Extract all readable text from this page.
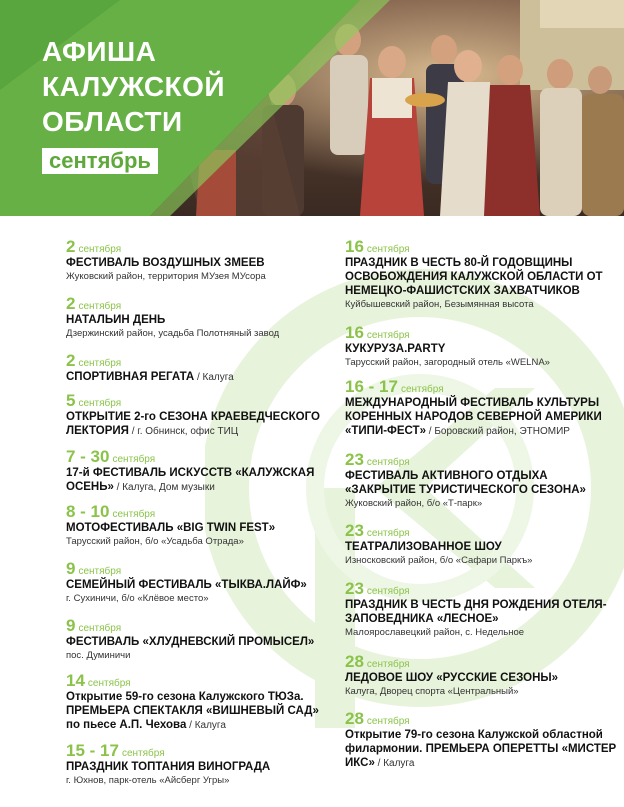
АФИША
КАЛУЖСКОЙ
ОБЛАСТИ
сентябрь
2 сентября
ФЕСТИВАЛЬ ВОЗДУШНЫХ ЗМЕЕВ
Жуковский район, территория МУзея МУсора
2 сентября
НАТАЛЬИН ДЕНЬ
Дзержинский район, усадьба Полотняный завод
2 сентября
СПОРТИВНАЯ РЕГАТА / Калуга
5 сентября
ОТКРЫТИЕ 2-го СЕЗОНА КРАЕВЕДЧЕСКОГО ЛЕКТОРИЯ / г. Обнинск, офис ТИЦ
7 - 30 сентября
17-й ФЕСТИВАЛЬ ИСКУССТВ «КАЛУЖСКАЯ ОСЕНЬ» / Калуга, Дом музыки
8 - 10 сентября
МОТОФЕСТИВАЛЬ «BIG TWIN FEST»
Тарусский район, б/о «Усадьба Отрада»
9 сентября
СЕМЕЙНЫЙ ФЕСТИВАЛЬ «ТЫКВА.ЛАЙФ»
г. Сухиничи, б/о «Клёвое место»
9 сентября
ФЕСТИВАЛЬ «ХЛУДНЕВСКИЙ ПРОМЫСЕЛ»
пос. Думиничи
14 сентября
Открытие 59-го сезона Калужского ТЮЗа. ПРЕМЬЕРА СПЕКТАКЛЯ «ВИШНЕВЫЙ САД» по пьесе А.П. Чехова / Калуга
15 - 17 сентября
ПРАЗДНИК ТОПТАНИЯ ВИНОГРАДА
г. Юхнов, парк-отель «Айсберг Угры»
16 сентября
ПРАЗДНИК В ЧЕСТЬ 80-Й ГОДОВЩИНЫ ОСВОБОЖДЕНИЯ КАЛУЖСКОЙ ОБЛАСТИ ОТ НЕМЕЦКО-ФАШИСТСКИХ ЗАХВАТЧИКОВ
Куйбышевский район, Безымянная высота
16 сентября
КУКУРУЗА.PARTY
Тарусский район, загородный отель «WELNA»
16 - 17 сентября
МЕЖДУНАРОДНЫЙ ФЕСТИВАЛЬ КУЛЬТУРЫ КОРЕННЫХ НАРОДОВ СЕВЕРНОЙ АМЕРИКИ «ТИПИ-ФЕСТ» / Боровский район, ЭТНОМИР
23 сентября
ФЕСТИВАЛЬ АКТИВНОГО ОТДЫХА «ЗАКРЫТИЕ ТУРИСТИЧЕСКОГО СЕЗОНА»
Жуковский район, б/о «Т-парк»
23 сентября
ТЕАТРАЛИЗОВАННОЕ ШОУ
Износковский район, б/о «Сафари Паркъ»
23 сентября
ПРАЗДНИК В ЧЕСТЬ ДНЯ РОЖДЕНИЯ ОТЕЛЯ-ЗАПОВЕДНИКА «ЛЕСНОЕ»
Малоярославецкий район, с. Недельное
28 сентября
ЛЕДОВОЕ ШОУ «РУССКИЕ СЕЗОНЫ»
Калуга, Дворец спорта «Центральный»
28 сентября
Открытие 79-го сезона Калужской областной филармонии. ПРЕМЬЕРА ОПЕРЕТТЫ «МИСТЕР ИКС» / Калуга
